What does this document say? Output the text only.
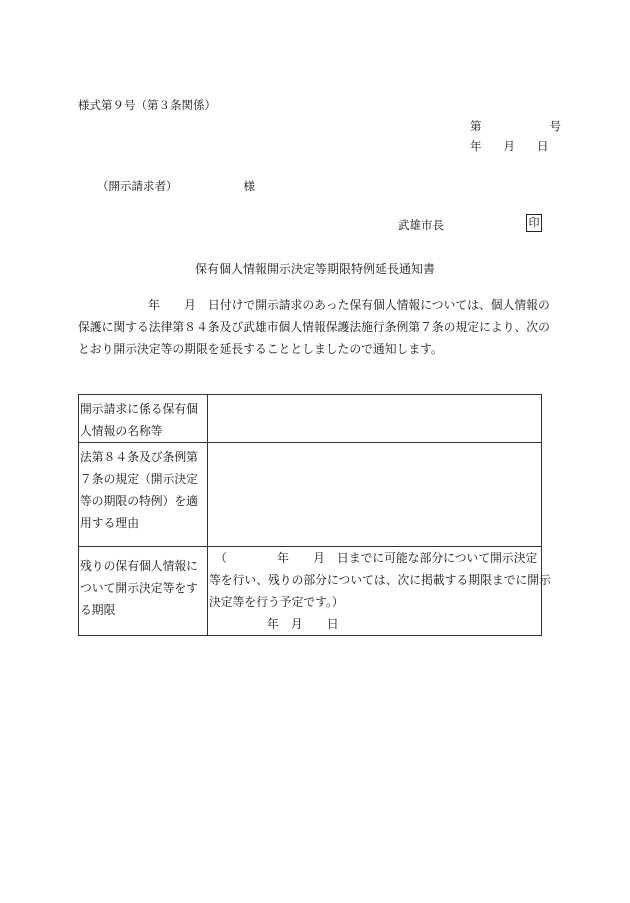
様式第９号（第３条関係）
第	号
年 月 日
（開示請求者）	様
武雄市長	印
保有個人情報開示決定等期限特例延長通知書
年 月 日付けで開示請求のあった保有個人情報については、個人情報の
保護に関する法律第８４条及び武雄市個人情報保護法施行条例第７条の規定により、次の
とおり開示決定等の期限を延長することとしましたので通知します。
開示請求に係る保有個人情報の名称等	
法第８４条及び条例第７条の規定（開示決定等の期限の特例）を適用する理由	
残りの保有個人情報について開示決定等をする期限	（ 年 月 日までに可能な部分について開示決定
等を行い、残りの部分については、次に掲載する期限までに開示
決定等を行う予定です。）
年 月 日
